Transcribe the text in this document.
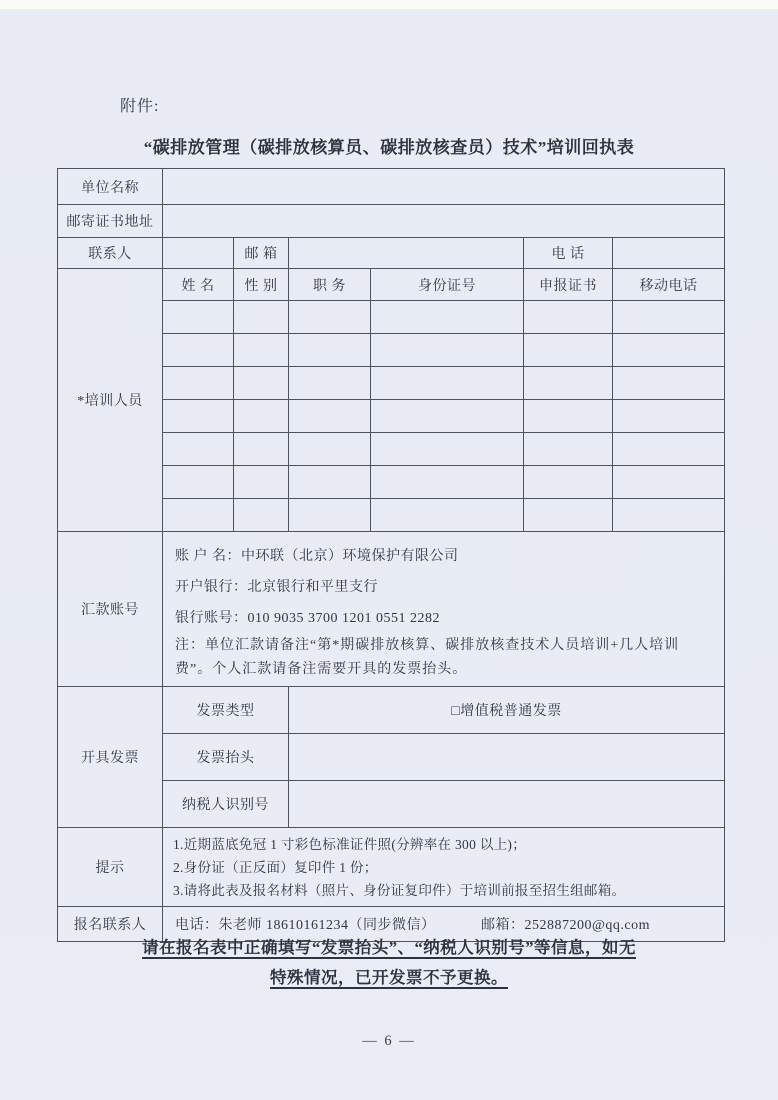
附件:
“碳排放管理（碳排放核算员、碳排放核查员）技术”培训回执表
单位名称						
邮寄证书地址						
联系人		邮 箱			电 话	
*培训人员	姓 名	性 别	职 务	身份证号	申报证书	移动电话

汇款账号	账 户 名：中环联（北京）环境保护有限公司
开户银行：北京银行和平里支行
银行账号：010 9035 3700 1201 0551 2282
注：单位汇款请备注“第*期碳排放核算、碳排放核查技术人员培训+几人培训费”。个人汇款请备注需要开具的发票抬头。					

开具发票	发票类型		□增值税普通发票			
	发票抬头					
	纳税人识别号					
提示	1.近期蓝底免冠 1 寸彩色标准证件照(分辨率在 300 以上)；
2.身份证（正反面）复印件 1 份；
3.请将此表及报名材料（照片、身份证复印件）于培训前报至招生组邮箱。					

报名联系人	电话：朱老师 18610161234（同步微信） 邮箱：252887200@qq.com					
请在报名表中正确填写“发票抬头”、“纳税人识别号”等信息，如无
特殊情况，已开发票不予更换。
— 6 —
